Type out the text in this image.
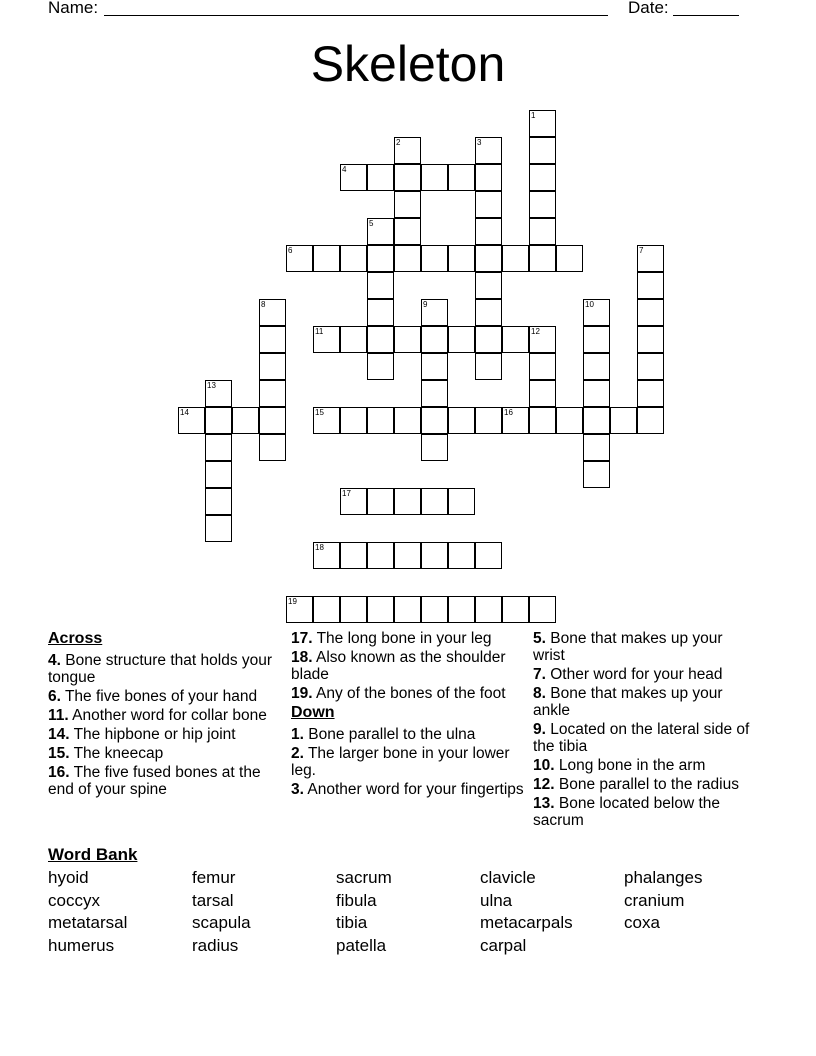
Name:	Date:
Skeleton
1
2	3
4
5
6	7
8	9	10
11	12
13
14	15	16
17
18
19
Across
4. Bone structure that holds your tongue
6. The five bones of your hand
11. Another word for collar bone
14. The hipbone or hip joint
15. The kneecap
16. The five fused bones at the end of your spine
17. The long bone in your leg
18. Also known as the shoulder blade
19. Any of the bones of the foot
Down
1. Bone parallel to the ulna
2. The larger bone in your lower leg.
3. Another word for your fingertips
5. Bone that makes up your wrist
7. Other word for your head
8. Bone that makes up your ankle
9. Located on the lateral side of the tibia
10. Long bone in the arm
12. Bone parallel to the radius
13. Bone located below the sacrum
Word Bank
hyoid	femur	sacrum	clavicle	phalanges
coccyx	tarsal	fibula	ulna	cranium
metatarsal	scapula	tibia	metacarpals	coxa
humerus	radius	patella	carpal
